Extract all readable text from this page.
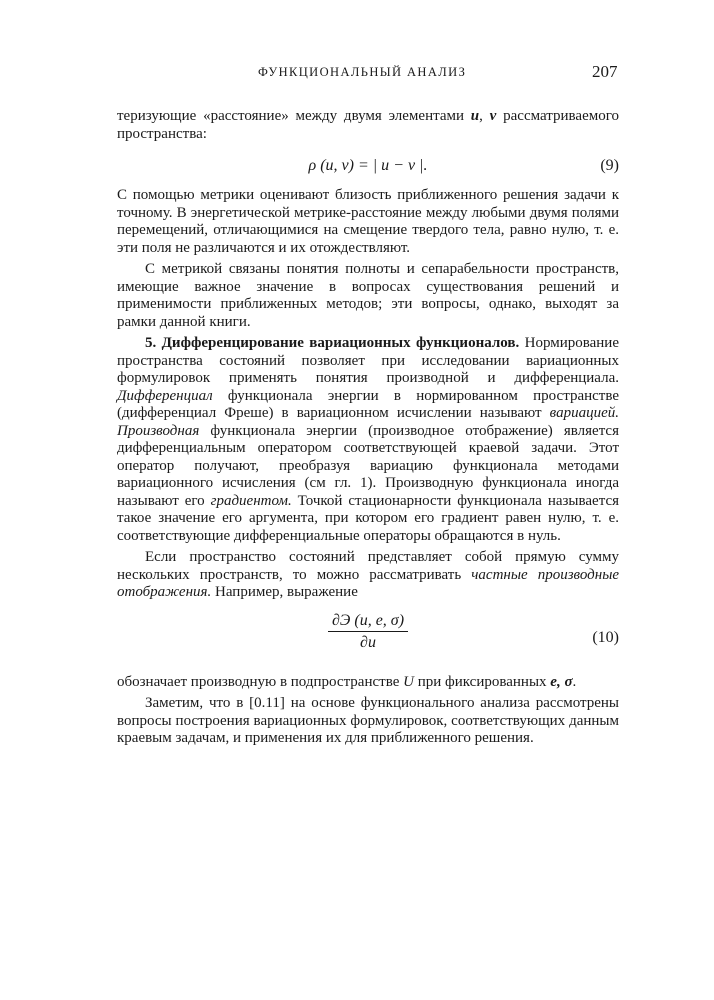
ФУНКЦИОНАЛЬНЫЙ АНАЛИЗ	207

теризующие «расстояние» между двумя элементами u, v рассматриваемого пространства:

ρ (u, v) = | u − v |.	(9)

С помощью метрики оценивают близость приближенного решения задачи к точному. В энергетической метрике-расстояние между любыми двумя полями перемещений, отличающимися на смещение твердого тела, равно нулю, т. е. эти поля не различаются и их отождествляют.

С метрикой связаны понятия полноты и сепарабельности пространств, имеющие важное значение в вопросах существования решений и применимости приближенных методов; эти вопросы, однако, выходят за рамки данной книги.

5. Дифференцирование вариационных функционалов. Нормирование пространства состояний позволяет при исследовании вариационных формулировок применять понятия производной и дифференциала. Дифференциал функционала энергии в нормированном пространстве (дифференциал Фреше) в вариационном исчислении называют вариацией. Производная функционала энергии (производное отображение) является дифференциальным оператором соответствующей краевой задачи. Этот оператор получают, преобразуя вариацию функционала методами вариационного исчисления (см гл. 1). Производную функционала иногда называют его градиентом. Точкой стационарности функционала называется такое значение его аргумента, при котором его градиент равен нулю, т. е. соответствующие дифференциальные операторы обращаются в нуль.

Если пространство состояний представляет собой прямую сумму нескольких пространств, то можно рассматривать частные производные отображения. Например, выражение

$\frac{\partial Э (u, e, \sigma)}{\partial u}$	(10)

обозначает производную в подпространстве U при фиксированных e, σ.

Заметим, что в [0.11] на основе функционального анализа рассмотрены вопросы построения вариационных формулировок, соответствующих данным краевым задачам, и применения их для приближенного решения.
